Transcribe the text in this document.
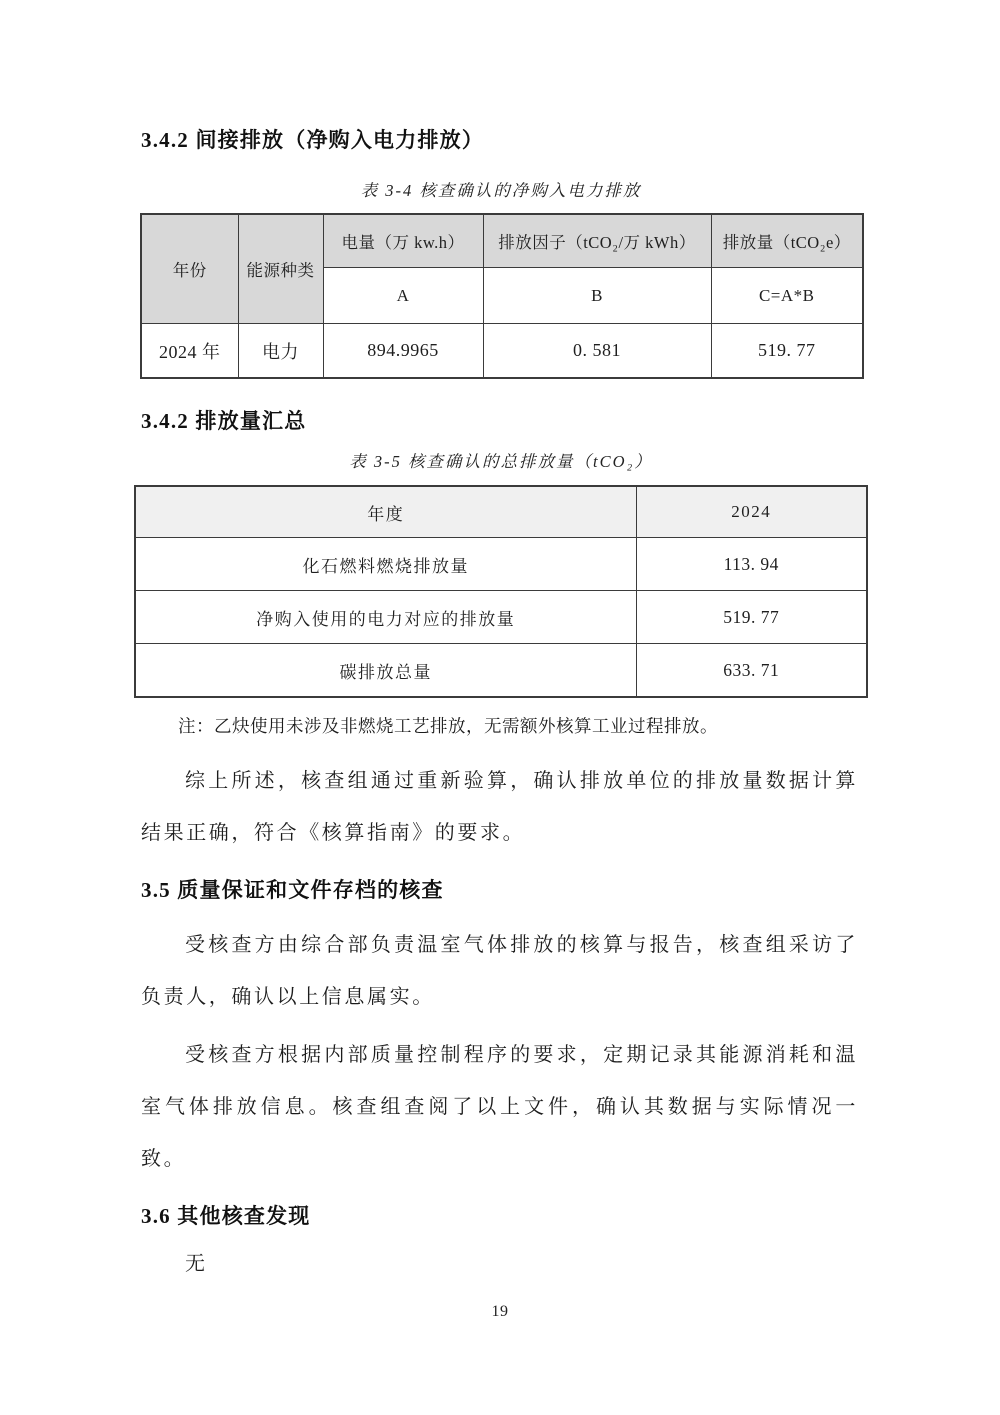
3.4.2 间接排放（净购入电力排放）
表 3-4 核查确认的净购入电力排放
年份	能源种类	电量（万 kw.h）	排放因子（tCO₂/万 kWh）	排放量（tCO₂e）
		A	B	C=A*B
2024 年	电力	894.9965	0. 581	519. 77
3.4.2 排放量汇总
表 3-5 核查确认的总排放量（tCO₂）
年度	2024
化石燃料燃烧排放量	113. 94
净购入使用的电力对应的排放量	519. 77
碳排放总量	633. 71
注：乙炔使用未涉及非燃烧工艺排放，无需额外核算工业过程排放。
综上所述，核查组通过重新验算，确认排放单位的排放量数据计算结果正确，符合《核算指南》的要求。
3.5 质量保证和文件存档的核查
受核查方由综合部负责温室气体排放的核算与报告，核查组采访了负责人，确认以上信息属实。
受核查方根据内部质量控制程序的要求，定期记录其能源消耗和温室气体排放信息。核查组查阅了以上文件，确认其数据与实际情况一致。
3.6 其他核查发现
无
19
